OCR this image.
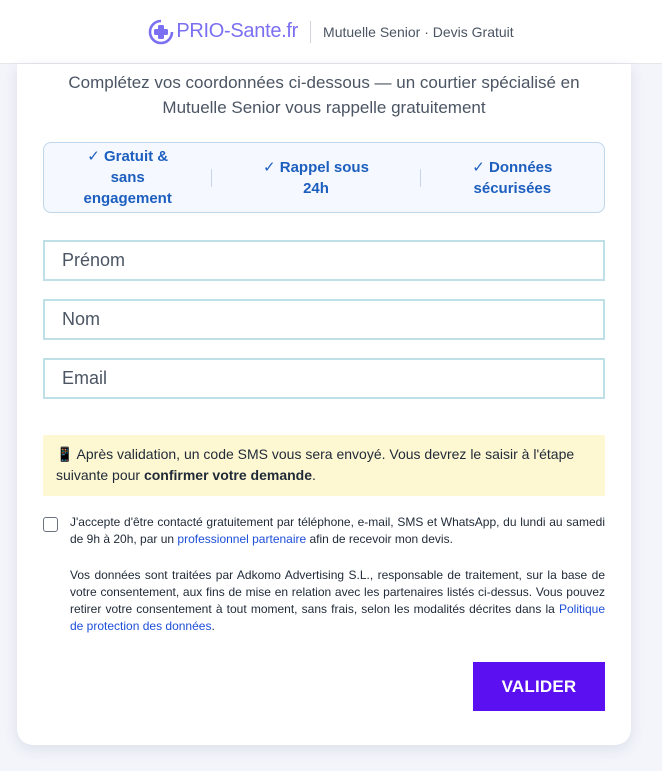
PRIO-Sante.fr Mutuelle Senior · Devis Gratuit
Complétez vos coordonnées ci-dessous — un courtier spécialisé en Mutuelle Senior vous rappelle gratuitement
✓ Gratuit & sans engagement
✓ Rappel sous 24h
✓ Données sécurisées
Prénom
Nom
Email
📱 Après validation, un code SMS vous sera envoyé. Vous devrez le saisir à l'étape suivante pour confirmer votre demande.
J'accepte d'être contacté gratuitement par téléphone, e-mail, SMS et WhatsApp, du lundi au samedi de 9h à 20h, par un professionnel partenaire afin de recevoir mon devis.
Vos données sont traitées par Adkomo Advertising S.L., responsable de traitement, sur la base de votre consentement, aux fins de mise en relation avec les partenaires listés ci-dessus. Vous pouvez retirer votre consentement à tout moment, sans frais, selon les modalités décrites dans la Politique de protection des données.
VALIDER
